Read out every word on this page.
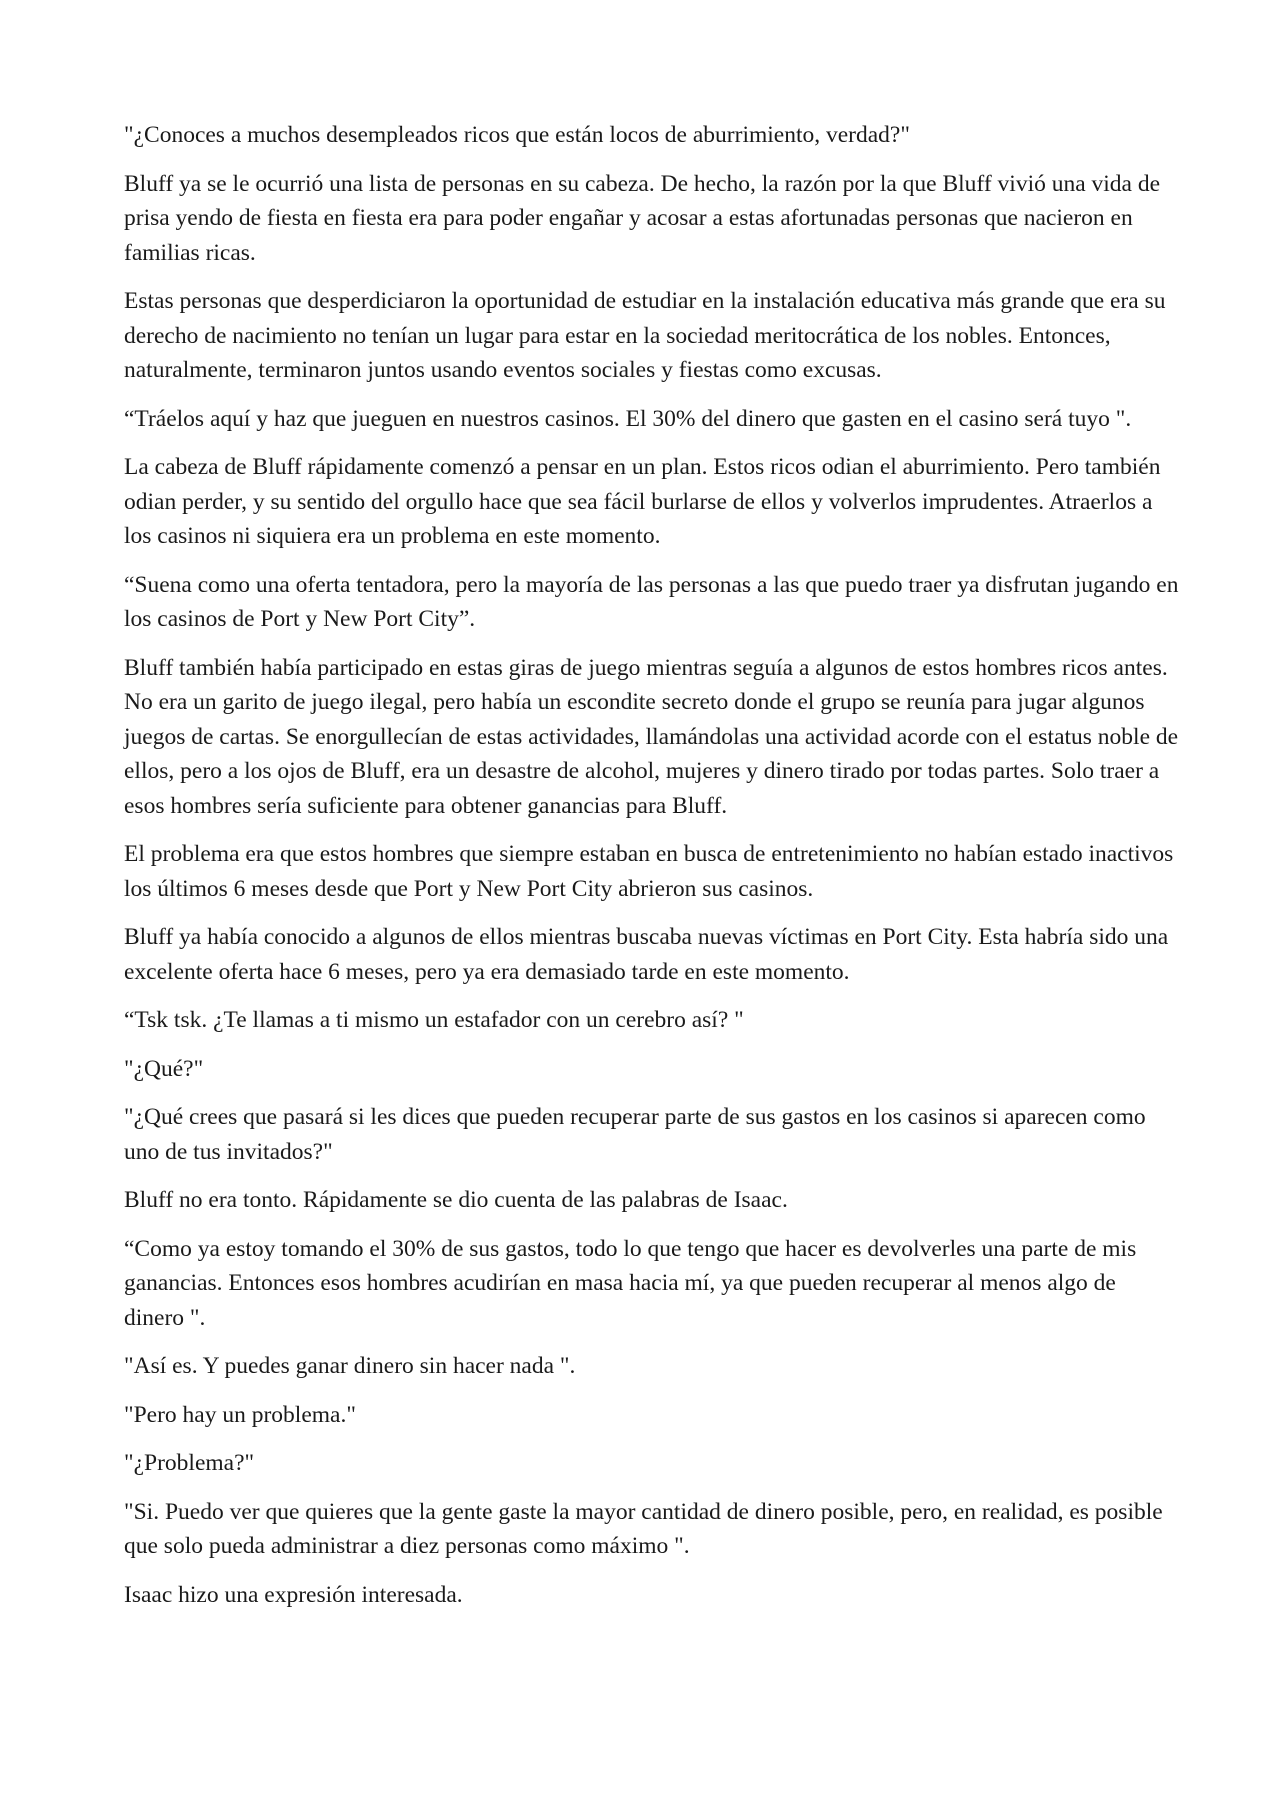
"¿Conoces a muchos desempleados ricos que están locos de aburrimiento, verdad?"

Bluff ya se le ocurrió una lista de personas en su cabeza. De hecho, la razón por la que Bluff vivió una vida de prisa yendo de fiesta en fiesta era para poder engañar y acosar a estas afortunadas personas que nacieron en familias ricas.

Estas personas que desperdiciaron la oportunidad de estudiar en la instalación educativa más grande que era su derecho de nacimiento no tenían un lugar para estar en la sociedad meritocrática de los nobles. Entonces, naturalmente, terminaron juntos usando eventos sociales y fiestas como excusas.

“Tráelos aquí y haz que jueguen en nuestros casinos. El 30% del dinero que gasten en el casino será tuyo ".

La cabeza de Bluff rápidamente comenzó a pensar en un plan. Estos ricos odian el aburrimiento. Pero también odian perder, y su sentido del orgullo hace que sea fácil burlarse de ellos y volverlos imprudentes. Atraerlos a los casinos ni siquiera era un problema en este momento.

“Suena como una oferta tentadora, pero la mayoría de las personas a las que puedo traer ya disfrutan jugando en los casinos de Port y New Port City”.

Bluff también había participado en estas giras de juego mientras seguía a algunos de estos hombres ricos antes. No era un garito de juego ilegal, pero había un escondite secreto donde el grupo se reunía para jugar algunos juegos de cartas. Se enorgullecían de estas actividades, llamándolas una actividad acorde con el estatus noble de ellos, pero a los ojos de Bluff, era un desastre de alcohol, mujeres y dinero tirado por todas partes. Solo traer a esos hombres sería suficiente para obtener ganancias para Bluff.

El problema era que estos hombres que siempre estaban en busca de entretenimiento no habían estado inactivos los últimos 6 meses desde que Port y New Port City abrieron sus casinos.

Bluff ya había conocido a algunos de ellos mientras buscaba nuevas víctimas en Port City. Esta habría sido una excelente oferta hace 6 meses, pero ya era demasiado tarde en este momento.

“Tsk tsk. ¿Te llamas a ti mismo un estafador con un cerebro así? "

"¿Qué?"

"¿Qué crees que pasará si les dices que pueden recuperar parte de sus gastos en los casinos si aparecen como uno de tus invitados?"

Bluff no era tonto. Rápidamente se dio cuenta de las palabras de Isaac.

“Como ya estoy tomando el 30% de sus gastos, todo lo que tengo que hacer es devolverles una parte de mis ganancias. Entonces esos hombres acudirían en masa hacia mí, ya que pueden recuperar al menos algo de dinero ".

"Así es. Y puedes ganar dinero sin hacer nada ".

"Pero hay un problema."

"¿Problema?"

"Si. Puedo ver que quieres que la gente gaste la mayor cantidad de dinero posible, pero, en realidad, es posible que solo pueda administrar a diez personas como máximo ".

Isaac hizo una expresión interesada.
